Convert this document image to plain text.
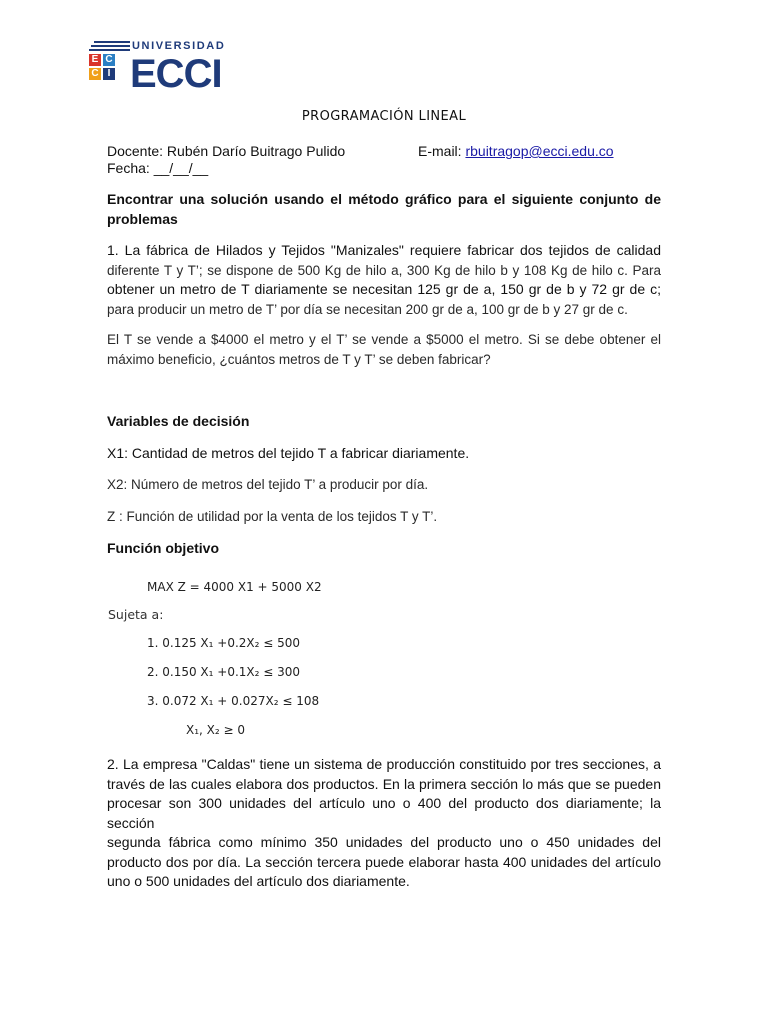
E C
C I
UNIVERSIDAD
ECCI
PROGRAMACIÓN LINEAL
Docente: Rubén Darío Buitrago Pulido	E-mail: rbuitragop@ecci.edu.co
Fecha: __/__/__
Encontrar una solución usando el método gráfico para el siguiente conjunto de problemas
1. La fábrica de Hilados y Tejidos "Manizales" requiere fabricar dos tejidos de calidad
diferente T y T’; se dispone de 500 Kg de hilo a, 300 Kg de hilo b y 108 Kg de hilo c. Para
obtener un metro de T diariamente se necesitan 125 gr de a, 150 gr de b y 72 gr de c;
para producir un metro de T’ por día se necesitan 200 gr de a, 100 gr de b y 27 gr de c.
El T se vende a $4000 el metro y el T’ se vende a $5000 el metro. Si se debe obtener el
máximo beneficio, ¿cuántos metros de T y T’ se deben fabricar?
Variables de decisión
X1: Cantidad de metros del tejido T a fabricar diariamente.
X2: Número de metros del tejido T’ a producir por día.
Z : Función de utilidad por la venta de los tejidos T y T’.
Función objetivo
MAX Z = 4000 X1 + 5000 X2
Sujeta a:
1. 0.125 X₁ +0.2X₂ ≤ 500
2. 0.150 X₁ +0.1X₂ ≤ 300
3. 0.072 X₁ + 0.027X₂ ≤ 108
X₁, X₂ ≥ 0
2. La empresa "Caldas" tiene un sistema de producción constituido por tres secciones, a
través de las cuales elabora dos productos. En la primera sección lo más que se pueden
procesar son 300 unidades del artículo uno o 400 del producto dos diariamente; la sección
segunda fábrica como mínimo 350 unidades del producto uno o 450 unidades del
producto dos por día. La sección tercera puede elaborar hasta 400 unidades del artículo
uno o 500 unidades del artículo dos diariamente.
